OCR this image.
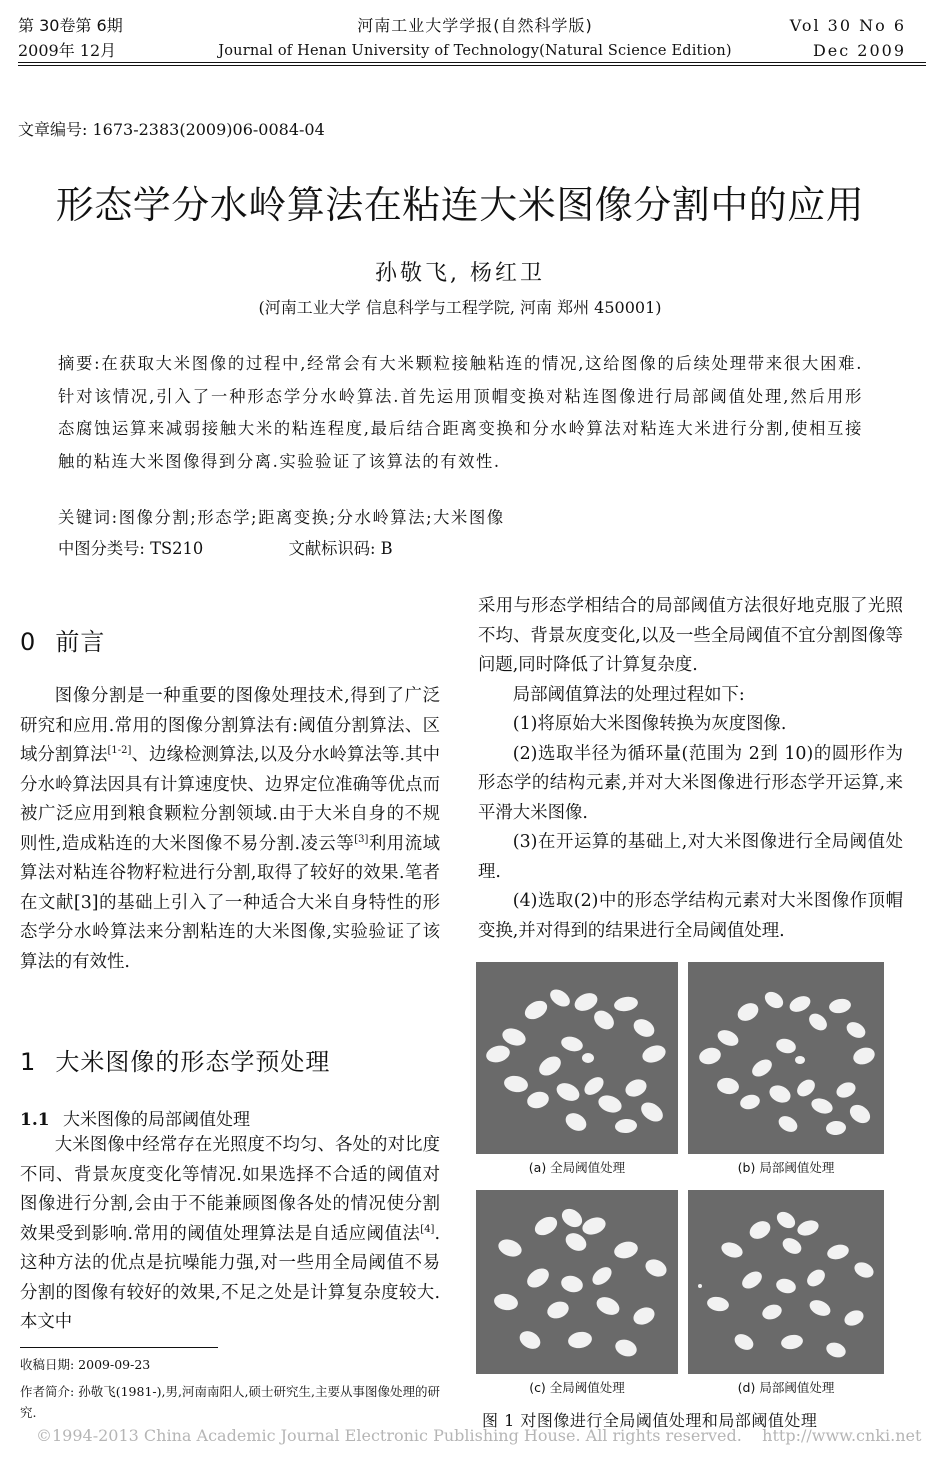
第 30卷第 6期
2009年 12月
河南工业大学学报(自然科学版)
Journal of Henan University of Technology(Natural Science Edition)
Vol 30 No 6
Dec 2009
文章编号: 1673-2383(2009)06-0084-04
形态学分水岭算法在粘连大米图像分割中的应用
孙敬飞, 杨红卫
(河南工业大学 信息科学与工程学院, 河南 郑州 450001)
摘要:在获取大米图像的过程中,经常会有大米颗粒接触粘连的情况,这给图像的后续处理带来很大困难.针对该情况,引入了一种形态学分水岭算法.首先运用顶帽变换对粘连图像进行局部阈值处理,然后用形态腐蚀运算来减弱接触大米的粘连程度,最后结合距离变换和分水岭算法对粘连大米进行分割,使相互接触的粘连大米图像得到分离.实验验证了该算法的有效性.
关键词:图像分割;形态学;距离变换;分水岭算法;大米图像
中图分类号: TS210	文献标识码: B
0 前言

图像分割是一种重要的图像处理技术,得到了广泛研究和应用.常用的图像分割算法有:阈值分割算法、区域分割算法[1-2]、边缘检测算法,以及分水岭算法等.其中分水岭算法因具有计算速度快、边界定位准确等优点而被广泛应用到粮食颗粒分割领域.由于大米自身的不规则性,造成粘连的大米图像不易分割.凌云等[3]利用流域算法对粘连谷物籽粒进行分割,取得了较好的效果.笔者在文献[3]的基础上引入了一种适合大米自身特性的形态学分水岭算法来分割粘连的大米图像,实验验证了该算法的有效性.

1 大米图像的形态学预处理
1.1 大米图像的局部阈值处理

大米图像中经常存在光照度不均匀、各处的对比度不同、背景灰度变化等情况.如果选择不合适的阈值对图像进行分割,会由于不能兼顾图像各处的情况使分割效果受到影响.常用的阈值处理算法是自适应阈值法[4].这种方法的优点是抗噪能力强,对一些用全局阈值不易分割的图像有较好的效果,不足之处是计算复杂度较大.本文中

收稿日期: 2009-09-23
作者简介: 孙敬飞(1981-),男,河南南阳人,硕士研究生,主要从事图像处理的研究.

采用与形态学相结合的局部阈值方法很好地克服了光照不均、背景灰度变化,以及一些全局阈值不宜分割图像等问题,同时降低了计算复杂度.

局部阈值算法的处理过程如下:

(1)将原始大米图像转换为灰度图像.

(2)选取半径为循环量(范围为 2到 10)的圆形作为形态学的结构元素,并对大米图像进行形态学开运算,来平滑大米图像.

(3)在开运算的基础上,对大米图像进行全局阈值处理.

(4)选取(2)中的形态学结构元素对大米图像作顶帽变换,并对得到的结果进行全局阈值处理.

(a) 全局阈值处理	(b) 局部阈值处理
(c) 全局阈值处理	(d) 局部阈值处理
图 1 对图像进行全局阈值处理和局部阈值处理
©1994-2013 China Academic Journal Electronic Publishing House. All rights reserved.    http://www.cnki.net
